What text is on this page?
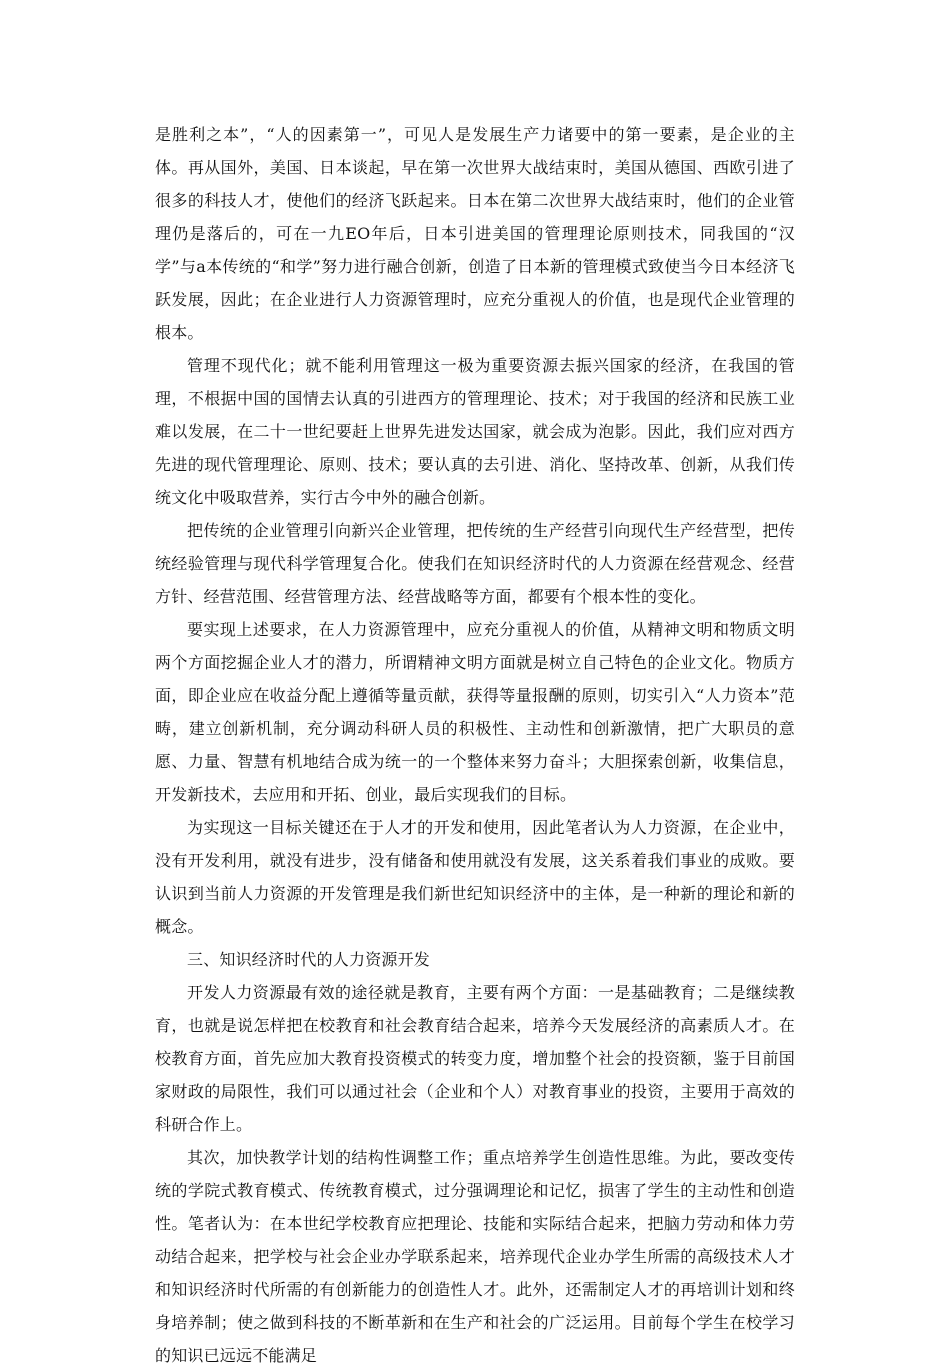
是胜利之本”，“人的因素第一”，可见人是发展生产力诸要中的第一要素，是企业的主体。再从国外，美国、日本谈起，早在第一次世界大战结束时，美国从德国、西欧引进了很多的科技人才，使他们的经济飞跃起来。日本在第二次世界大战结束时，他们的企业管理仍是落后的，可在一九EO年后，日本引进美国的管理理论原则技术，同我国的“汉学”与a本传统的“和学”努力进行融合创新，创造了日本新的管理模式致使当今日本经济飞跃发展，因此；在企业进行人力资源管理时，应充分重视人的价值，也是现代企业管理的根本。

管理不现代化；就不能利用管理这一极为重要资源去振兴国家的经济，在我国的管理，不根据中国的国情去认真的引进西方的管理理论、技术；对于我国的经济和民族工业难以发展，在二十一世纪要赶上世界先进发达国家，就会成为泡影。因此，我们应对西方先进的现代管理理论、原则、技术；要认真的去引进、消化、坚持改革、创新，从我们传统文化中吸取营养，实行古今中外的融合创新。

把传统的企业管理引向新兴企业管理，把传统的生产经营引向现代生产经营型，把传统经验管理与现代科学管理复合化。使我们在知识经济时代的人力资源在经营观念、经营方针、经营范围、经营管理方法、经营战略等方面，都要有个根本性的变化。

要实现上述要求，在人力资源管理中，应充分重视人的价值，从精神文明和物质文明两个方面挖掘企业人才的潜力，所谓精神文明方面就是树立自己特色的企业文化。物质方面，即企业应在收益分配上遵循等量贡献，获得等量报酬的原则，切实引入“人力资本”范畴，建立创新机制，充分调动科研人员的积极性、主动性和创新激情，把广大职员的意愿、力量、智慧有机地结合成为统一的一个整体来努力奋斗；大胆探索创新，收集信息，开发新技术，去应用和开拓、创业，最后实现我们的目标。

为实现这一目标关键还在于人才的开发和使用，因此笔者认为人力资源，在企业中，没有开发利用，就没有进步，没有储备和使用就没有发展，这关系着我们事业的成败。要认识到当前人力资源的开发管理是我们新世纪知识经济中的主体，是一种新的理论和新的概念。

三、知识经济时代的人力资源开发

开发人力资源最有效的途径就是教育，主要有两个方面：一是基础教育；二是继续教育，也就是说怎样把在校教育和社会教育结合起来，培养今天发展经济的高素质人才。在校教育方面，首先应加大教育投资模式的转变力度，增加整个社会的投资额，鉴于目前国家财政的局限性，我们可以通过社会（企业和个人）对教育事业的投资，主要用于高效的科研合作上。

其次，加快教学计划的结构性调整工作；重点培养学生创造性思维。为此，要改变传统的学院式教育模式、传统教育模式，过分强调理论和记忆，损害了学生的主动性和创造性。笔者认为：在本世纪学校教育应把理论、技能和实际结合起来，把脑力劳动和体力劳动结合起来，把学校与社会企业办学联系起来，培养现代企业办学生所需的高级技术人才和知识经济时代所需的有创新能力的创造性人才。此外，还需制定人才的再培训计划和终身培养制；使之做到科技的不断革新和在生产和社会的广泛运用。目前每个学生在校学习的知识已远远不能满足
